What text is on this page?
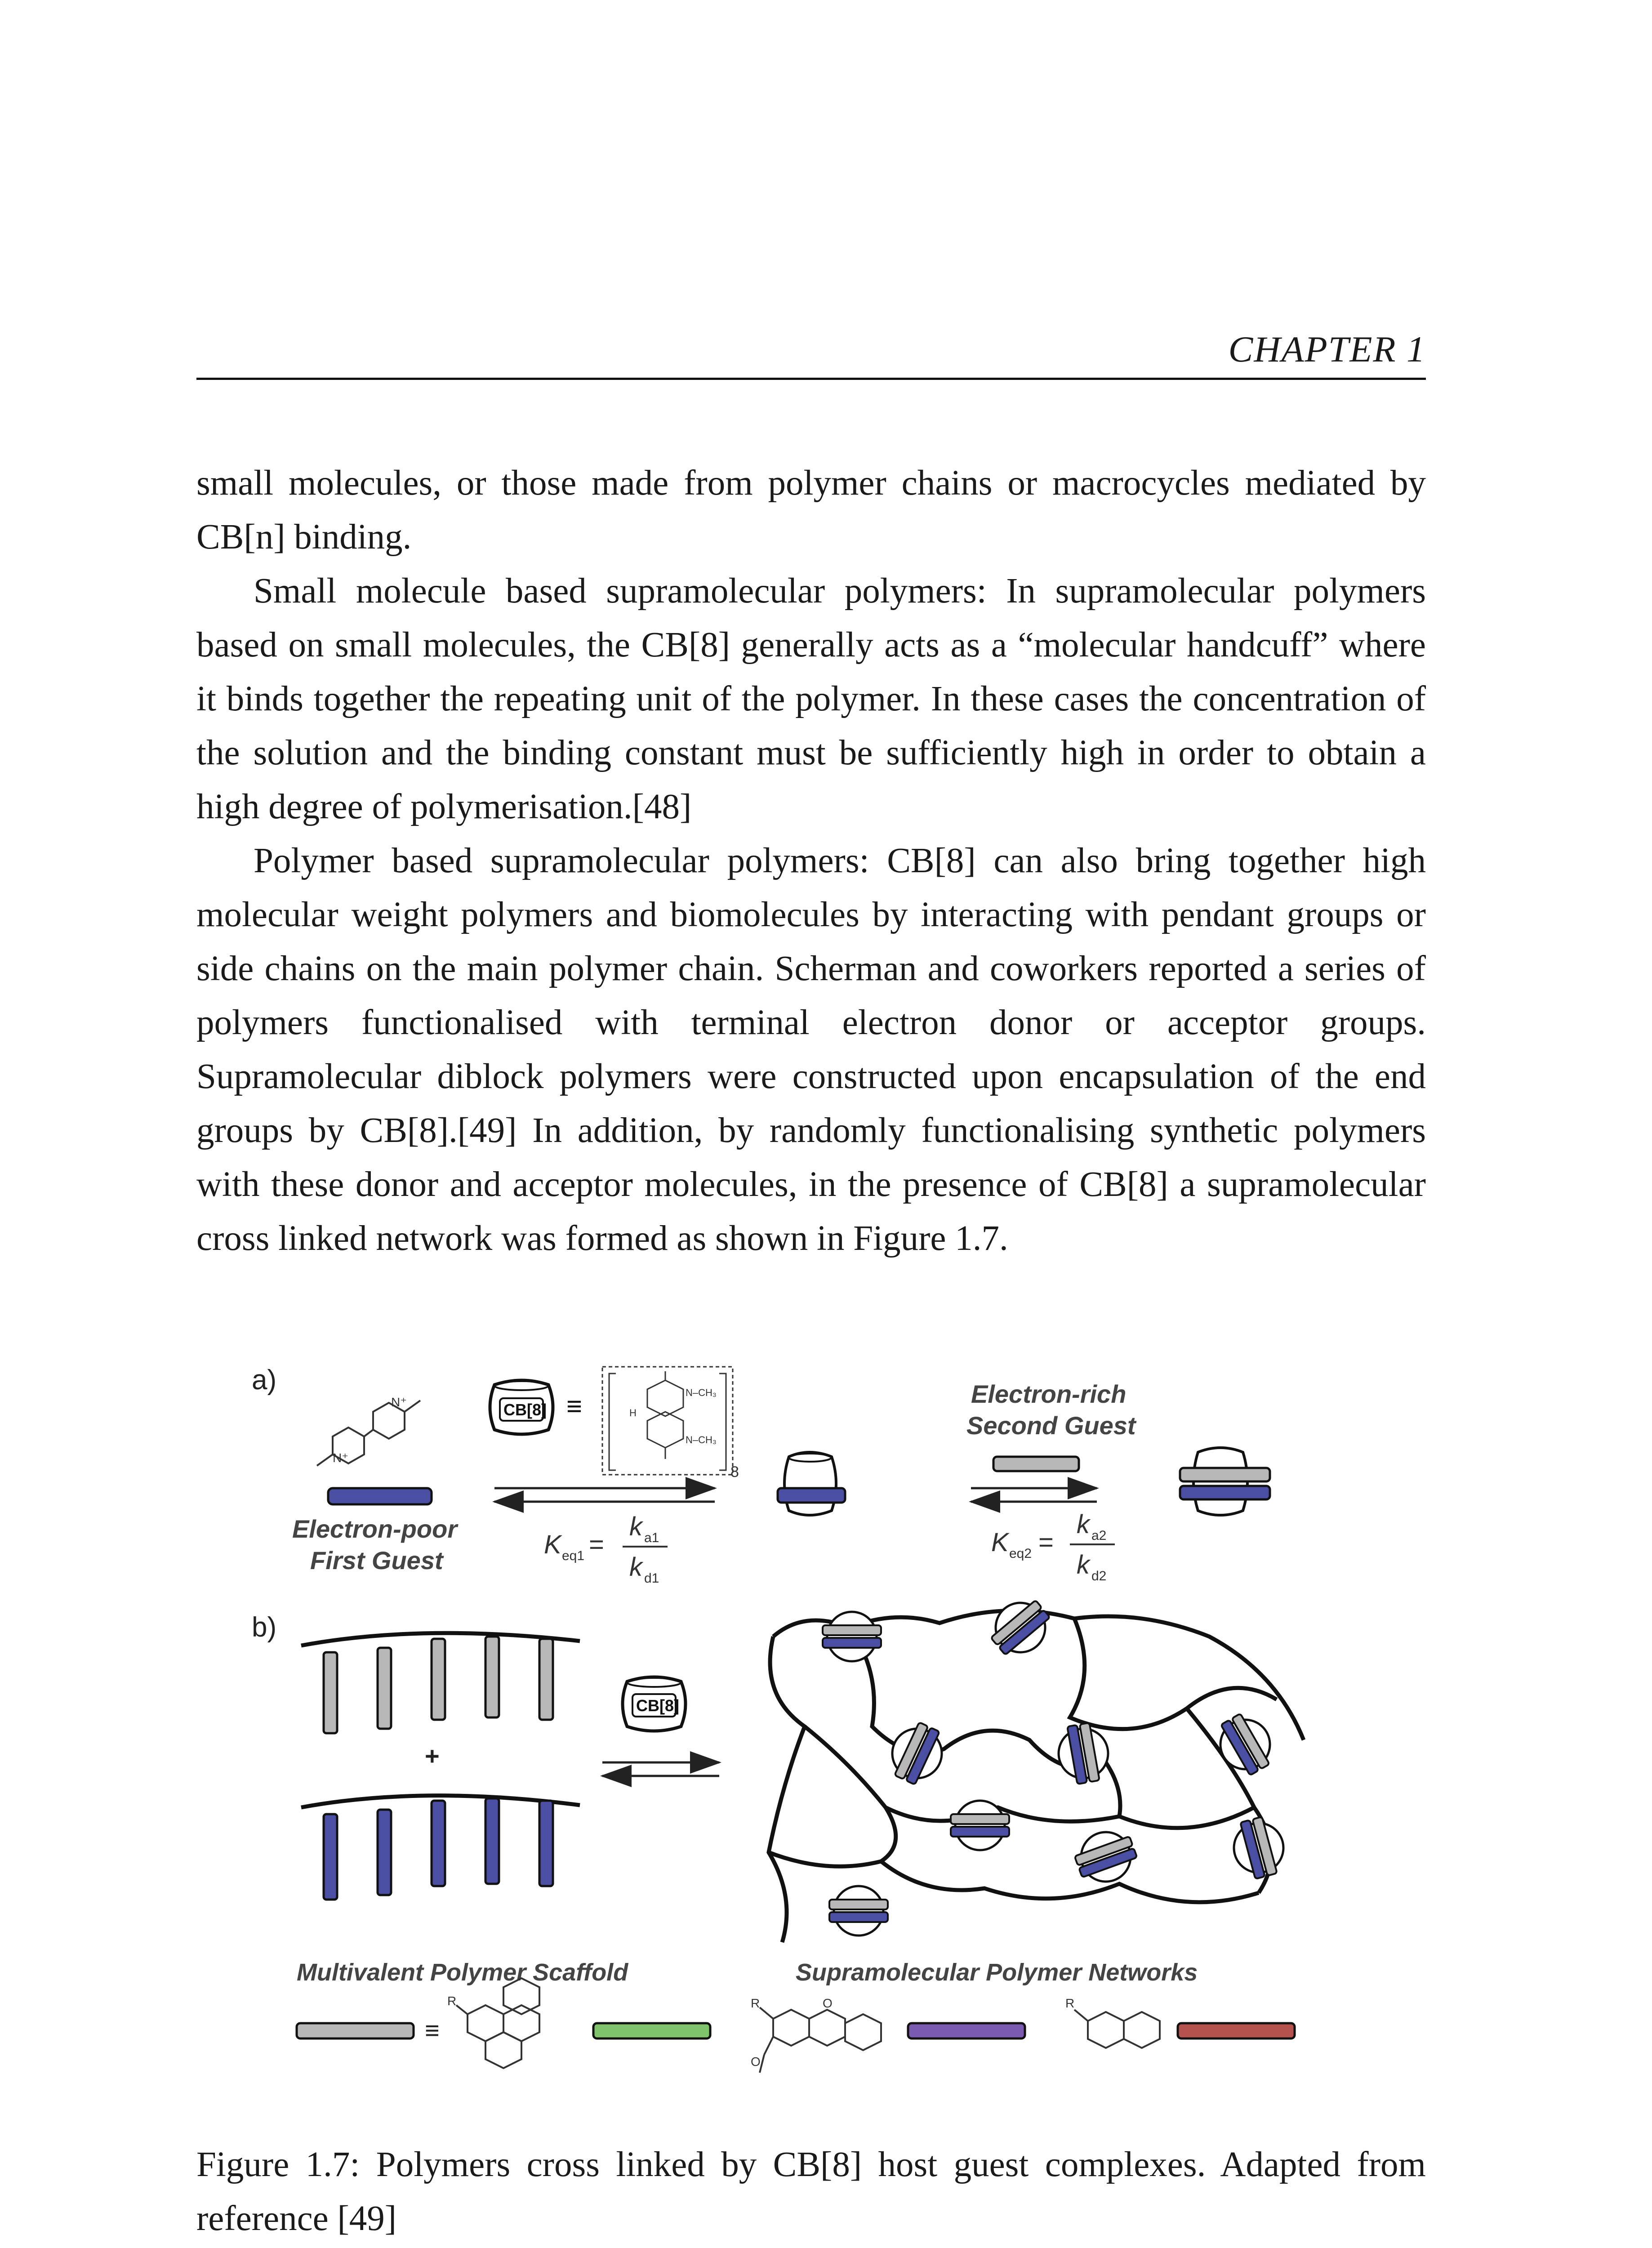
CHAPTER 1

small molecules, or those made from polymer chains or macrocycles mediated by CB[n] binding.

Small molecule based supramolecular polymers: In supramolecular polymers based on small molecules, the CB[8] generally acts as a “molecular handcuff” where it binds together the repeating unit of the polymer. In these cases the concentration of the solution and the binding constant must be sufficiently high in order to obtain a high degree of polymerisation.[48]

Polymer based supramolecular polymers: CB[8] can also bring together high molecular weight polymers and biomolecules by interacting with pendant groups or side chains on the main polymer chain. Scherman and coworkers reported a series of polymers functionalised with terminal electron donor or acceptor groups. Supramolecular diblock polymers were constructed upon encapsulation of the end groups by CB[8].[49] In addition, by randomly functionalising synthetic polymers with these donor and acceptor molecules, in the presence of CB[8] a supramolecular cross linked network was formed as shown in Figure 1.7.

a)
N⁺
N⁺
Electron-poor
First Guest
CB[8] ≡	N–CH₃
N–CH₃
H
8
K eq1 =
k a1
k d1
Electron-rich
Second Guest
K eq2 =
k a2
k d2
b)
+
CB[8]
Multivalent Polymer Scaffold	Supramolecular Polymer Networks
≡
R	R	O
O
R
Figure 1.7: Polymers cross linked by CB[8] host guest complexes. Adapted from reference [49]
